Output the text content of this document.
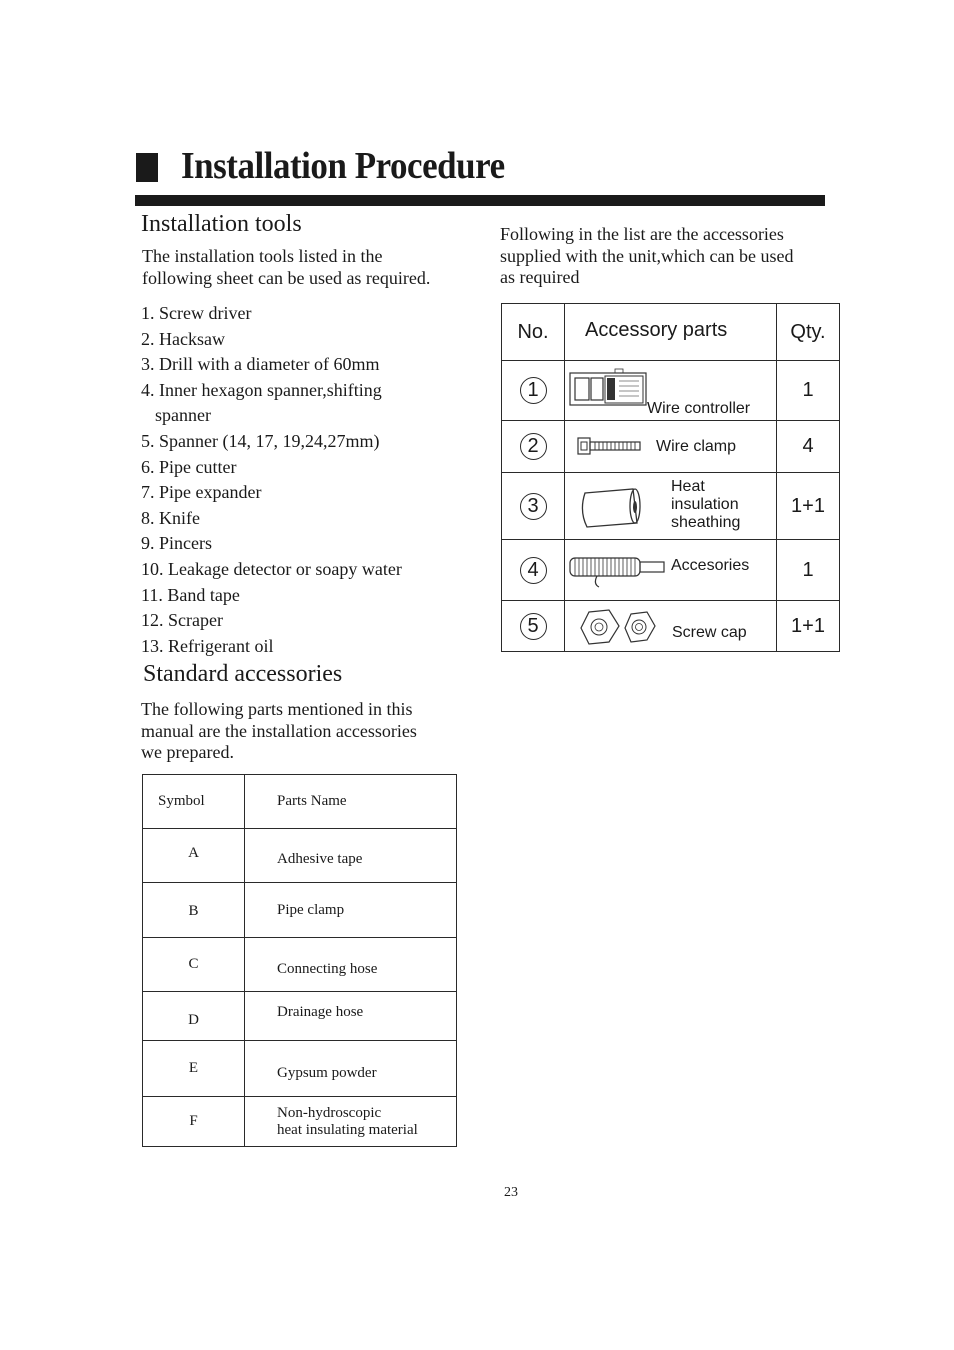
Installation Procedure
Installation tools
The installation tools listed in the
following sheet can be used as required.
1. Screw driver
2. Hacksaw
3. Drill with a diameter of 60mm
4. Inner hexagon spanner,shifting
spanner
5. Spanner (14, 17, 19,24,27mm)
6. Pipe cutter
7. Pipe expander
8. Knife
9. Pincers
10. Leakage detector or soapy water
11. Band tape
12. Scraper
13. Refrigerant oil
Standard accessories
The following parts mentioned in this
manual are the installation accessories
we prepared.
Symbol	Parts Name
A	Adhesive tape
B	Pipe clamp
C	Connecting hose
D	Drainage hose
E	Gypsum powder
F	Non-hydroscopic
heat insulating material
Following in the list are the accessories
supplied with the unit,which can be used
as required
No.	Accessory parts	Qty.
1	Wire controller	1
2	Wire clamp	4
3	Heat
insulation
sheathing	1+1
4	Accesories	1
5	Screw cap	1+1
23
